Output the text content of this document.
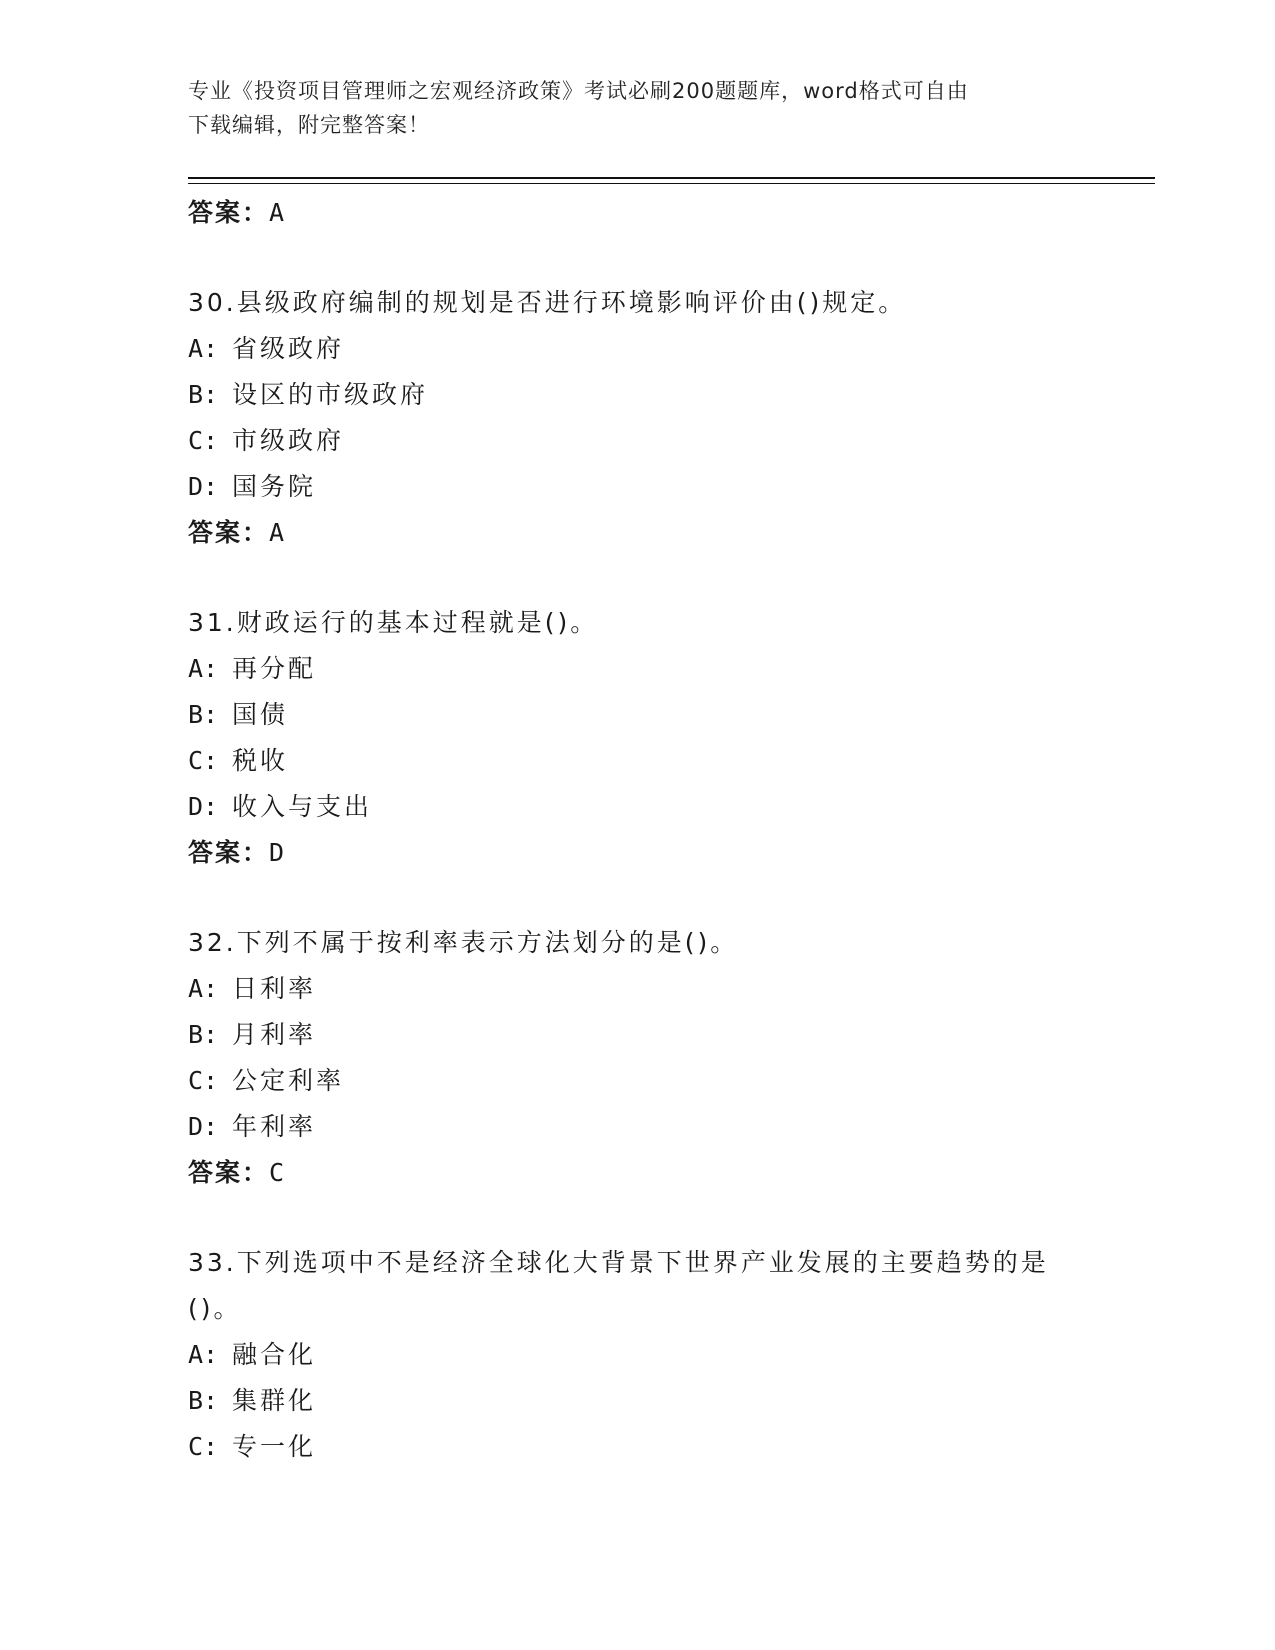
专业《投资项目管理师之宏观经济政策》考试必刷200题题库，word格式可自由
下载编辑，附完整答案！
答案：A
30.县级政府编制的规划是否进行环境影响评价由()规定。
A: 省级政府
B: 设区的市级政府
C: 市级政府
D: 国务院
答案：A
31.财政运行的基本过程就是()。
A: 再分配
B: 国债
C: 税收
D: 收入与支出
答案：D
32.下列不属于按利率表示方法划分的是()。
A: 日利率
B: 月利率
C: 公定利率
D: 年利率
答案：C
33.下列选项中不是经济全球化大背景下世界产业发展的主要趋势的是
()。
A: 融合化
B: 集群化
C: 专一化
